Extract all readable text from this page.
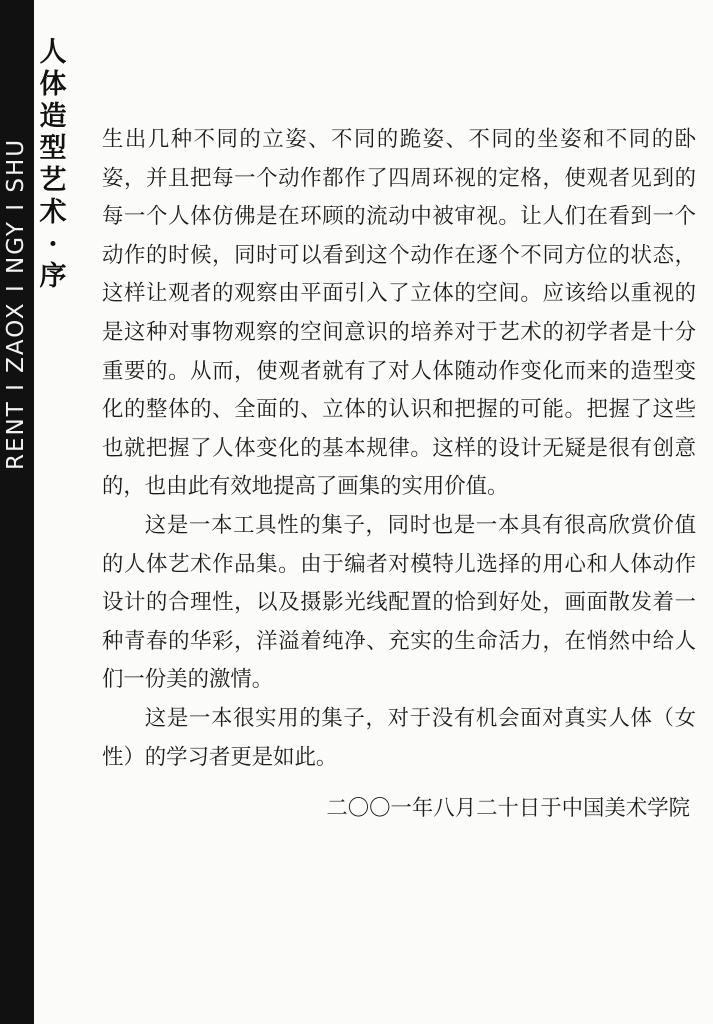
RENT I ZAOX I NGY I SHU
人
体
造
型
艺
术
·
序

生出几种不同的立姿、不同的跪姿、不同的坐姿和不同的卧姿，并且把每一个动作都作了四周环视的定格，使观者见到的每一个人体仿佛是在环顾的流动中被审视。让人们在看到一个动作的时候，同时可以看到这个动作在逐个不同方位的状态，这样让观者的观察由平面引入了立体的空间。应该给以重视的是这种对事物观察的空间意识的培养对于艺术的初学者是十分重要的。从而，使观者就有了对人体随动作变化而来的造型变化的整体的、全面的、立体的认识和把握的可能。把握了这些也就把握了人体变化的基本规律。这样的设计无疑是很有创意的，也由此有效地提高了画集的实用价值。

这是一本工具性的集子，同时也是一本具有很高欣赏价值的人体艺术作品集。由于编者对模特儿选择的用心和人体动作设计的合理性，以及摄影光线配置的恰到好处，画面散发着一种青春的华彩，洋溢着纯净、充实的生命活力，在悄然中给人们一份美的激情。

这是一本很实用的集子，对于没有机会面对真实人体（女性）的学习者更是如此。

二〇〇一年八月二十日于中国美术学院
